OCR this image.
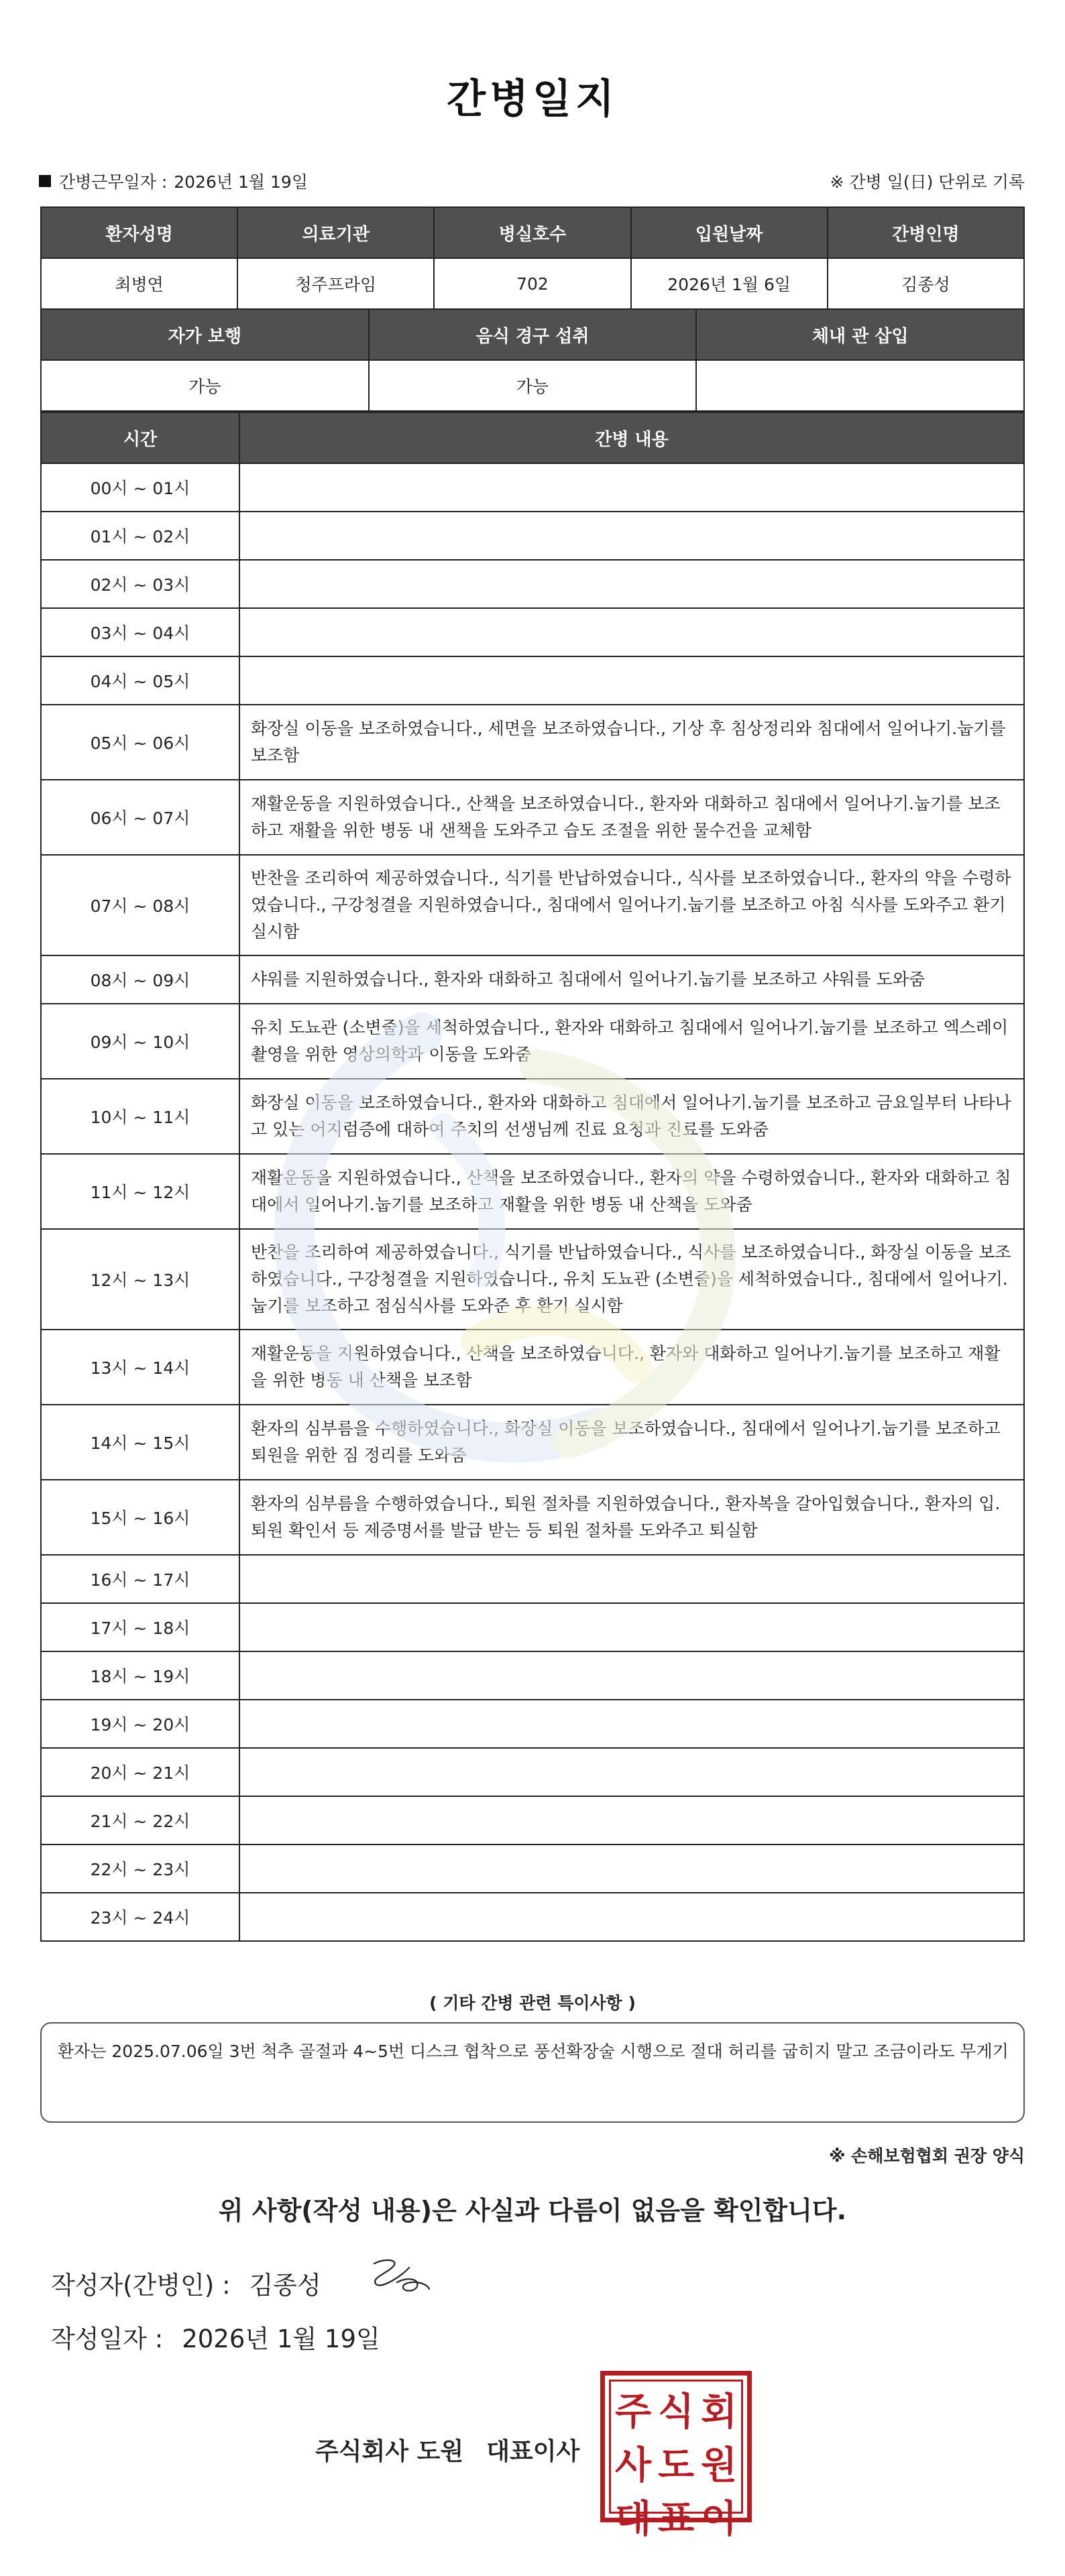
간병일지
간병근무일자 : 2026년 1월 19일	※ 간병 일(日) 단위로 기록
환자성명	의료기관	병실호수	입원날짜	간병인명
최병연	청주프라임	702	2026년 1월 6일	김종성
자가 보행	음식 경구 섭취	체내 관 삽입
가능	가능	
시간	간병 내용
00시 ~ 01시	
01시 ~ 02시	
02시 ~ 03시	
03시 ~ 04시	
04시 ~ 05시	
05시 ~ 06시	화장실 이동을 보조하였습니다., 세면을 보조하였습니다., 기상 후 침상정리와 침대에서 일어나기.눕기를 보조함
06시 ~ 07시	재활운동을 지원하였습니다., 산책을 보조하였습니다., 환자와 대화하고 침대에서 일어나기.눕기를 보조하고 재활을 위한 병동 내 샌책을 도와주고 습도 조절을 위한 물수건을 교체함
07시 ~ 08시	반찬을 조리하여 제공하였습니다., 식기를 반납하였습니다., 식사를 보조하였습니다., 환자의 약을 수령하였습니다., 구강청결을 지원하였습니다., 침대에서 일어나기.눕기를 보조하고 아침 식사를 도와주고 환기 실시함
08시 ~ 09시	샤워를 지원하였습니다., 환자와 대화하고 침대에서 일어나기.눕기를 보조하고 샤워를 도와줌
09시 ~ 10시	유치 도뇨관 (소변줄)을 세척하였습니다., 환자와 대화하고 침대에서 일어나기.눕기를 보조하고 엑스레이 촬영을 위한 영상의학과 이동을 도와줌
10시 ~ 11시	화장실 이동을 보조하였습니다., 환자와 대화하고 침대에서 일어나기.눕기를 보조하고 금요일부터 나타나고 있는 어지럼증에 대하여 주치의 선생님께 진료 요청과 진료를 도와줌
11시 ~ 12시	재활운동을 지원하였습니다., 산책을 보조하였습니다., 환자의 약을 수령하였습니다., 환자와 대화하고 침대에서 일어나기.눕기를 보조하고 재활을 위한 병동 내 산책을 도와줌
12시 ~ 13시	반찬을 조리하여 제공하였습니다., 식기를 반납하였습니다., 식사를 보조하였습니다., 화장실 이동을 보조하였습니다., 구강청결을 지원하였습니다., 유치 도뇨관 (소변줄)을 세척하였습니다., 침대에서 일어나기.눕기를 보조하고 점심식사를 도와준 후 환기 실시함
13시 ~ 14시	재활운동을 지원하였습니다., 산책을 보조하였습니다., 환자와 대화하고 일어나기.눕기를 보조하고 재활을 위한 병동 내 산책을 보조함
14시 ~ 15시	환자의 심부름을 수행하였습니다., 화장실 이동을 보조하였습니다., 침대에서 일어나기.눕기를 보조하고 퇴원을 위한 짐 정리를 도와줌
15시 ~ 16시	환자의 심부름을 수행하였습니다., 퇴원 절차를 지원하였습니다., 환자복을 갈아입혔습니다., 환자의 입.퇴원 확인서 등 제증명서를 발급 받는 등 퇴원 절차를 도와주고 퇴실함
16시 ~ 17시	
17시 ~ 18시	
18시 ~ 19시	
19시 ~ 20시	
20시 ~ 21시	
21시 ~ 22시	
22시 ~ 23시	
23시 ~ 24시	
( 기타 간병 관련 특이사항 )
환자는 2025.07.06일 3번 척추 골절과 4~5번 디스크 협착으로 풍선확장술 시행으로 절대 허리를 굽히지 말고 조금이라도 무게기
※ 손해보험협회 권장 양식
위 사항(작성 내용)은 사실과 다름이 없음을 확인합니다.
작성자(간병인) : 김종성
작성일자 : 2026년 1월 19일
주식회사 도원 대표이사
주 식 회
사 도 원
대 표 이
